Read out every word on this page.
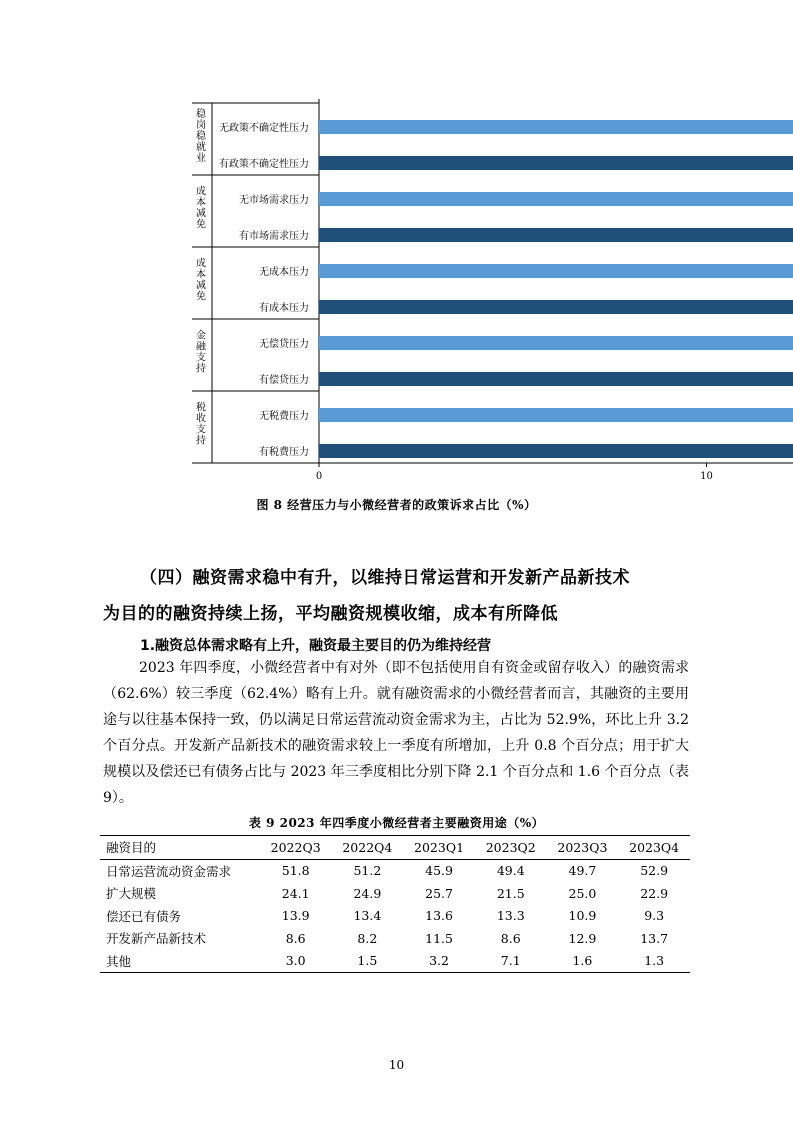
0	10
稳岗稳就业
无政策不确定性压力
有政策不确定性压力
成本减免
无市场需求压力
有市场需求压力
成本减免
无成本压力
有成本压力
金融支持
无偿贷压力
有偿贷压力
税收支持
无税费压力
有税费压力
图 8 经营压力与小微经营者的政策诉求占比（%）
（四）融资需求稳中有升，以维持日常运营和开发新产品新技术
为目的的融资持续上扬，平均融资规模收缩，成本有所降低
1.融资总体需求略有上升，融资最主要目的仍为维持经营

2023 年四季度，小微经营者中有对外（即不包括使用自有资金或留存收入）的融资需求（62.6%）较三季度（62.4%）略有上升。就有融资需求的小微经营者而言，其融资的主要用途与以往基本保持一致，仍以满足日常运营流动资金需求为主，占比为 52.9%，环比上升 3.2 个百分点。开发新产品新技术的融资需求较上一季度有所增加，上升 0.8 个百分点；用于扩大规模以及偿还已有债务占比与 2023 年三季度相比分别下降 2.1 个百分点和 1.6 个百分点（表 9）。

表 9 2023 年四季度小微经营者主要融资用途（%）
融资目的	2022Q3	2022Q4	2023Q1	2023Q2	2023Q3	2023Q4
日常运营流动资金需求	51.8	51.2	45.9	49.4	49.7	52.9
扩大规模	24.1	24.9	25.7	21.5	25.0	22.9
偿还已有债务	13.9	13.4	13.6	13.3	10.9	9.3
开发新产品新技术	8.6	8.2	11.5	8.6	12.9	13.7
其他	3.0	1.5	3.2	7.1	1.6	1.3
10
